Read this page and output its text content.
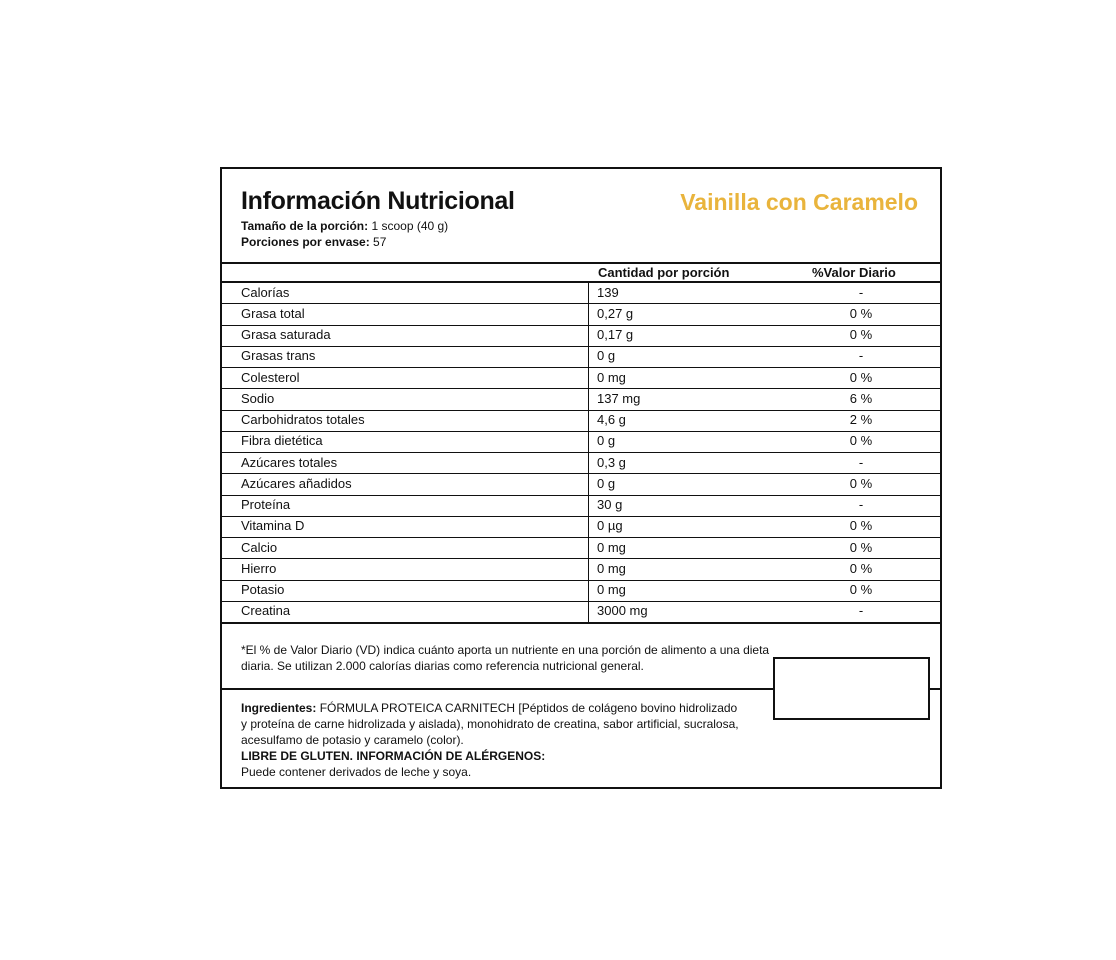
Información Nutricional	Vainilla con Caramelo
Tamaño de la porción: 1 scoop (40 g)
Porciones por envase: 57
Cantidad por porción	%Valor Diario
Calorías	139	-
Grasa total	0,27 g	0 %
Grasa saturada	0,17 g	0 %
Grasas trans	0 g	-
Colesterol	0 mg	0 %
Sodio	137 mg	6 %
Carbohidratos totales	4,6 g	2 %
Fibra dietética	0 g	0 %
Azúcares totales	0,3 g	-
Azúcares añadidos	0 g	0 %
Proteína	30 g	-
Vitamina D	0 µg	0 %
Calcio	0 mg	0 %
Hierro	0 mg	0 %
Potasio	0 mg	0 %
Creatina	3000 mg	-
*El % de Valor Diario (VD) indica cuánto aporta un nutriente en una porción de alimento a una dieta diaria. Se utilizan 2.000 calorías diarias como referencia nutricional general.
Ingredientes: FÓRMULA PROTEICA CARNITECH [Péptidos de colágeno bovino hidrolizado y proteína de carne hidrolizada y aislada), monohidrato de creatina, sabor artificial, sucralosa, acesulfamo de potasio y caramelo (color).
LIBRE DE GLUTEN. INFORMACIÓN DE ALÉRGENOS:
Puede contener derivados de leche y soya.
